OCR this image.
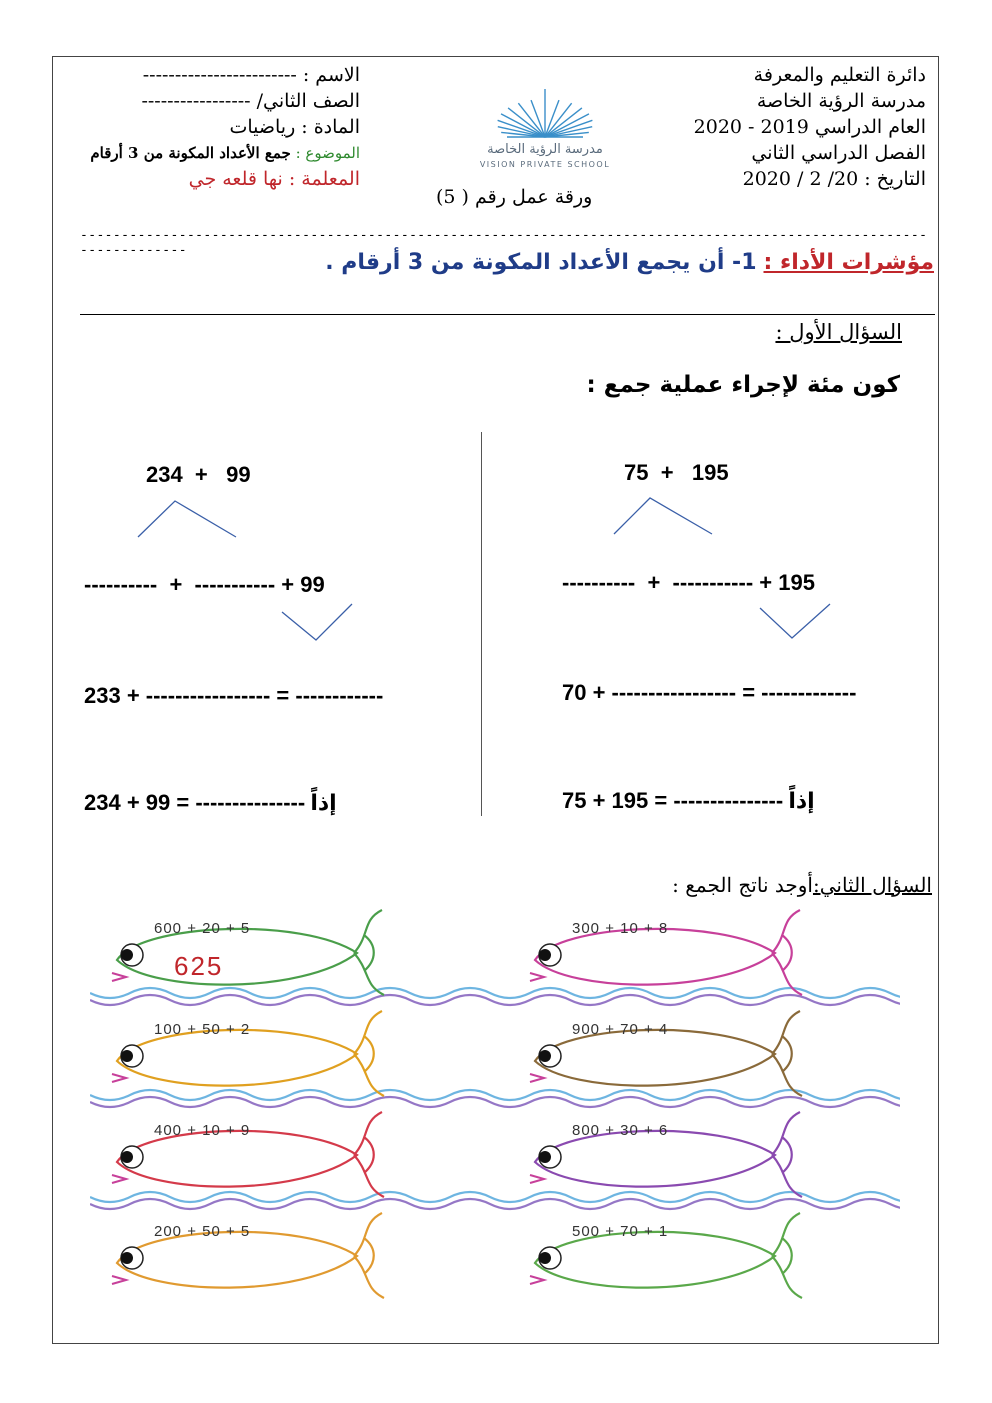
دائرة التعليم والمعرفة
مدرسة الرؤية الخاصة
العام الدراسي 2019 - 2020
الفصل الدراسي الثاني
التاريخ : 20/ 2 / 2020
الاسم : ------------------------
الصف الثاني/ -----------------
المادة : رياضيات
الموضوع : جمع الأعداد المكونة من 3 أرقام
المعلمة : نها قلعه جي
مدرسة الرؤية الخاصة
VISION PRIVATE SCHOOL
ورقة عمل رقم ( 5)
--------------------------------------------------------------------------------------------------------------------	مؤشرات الأداء : 1- أن يجمع الأعداد المكونة من 3 أرقام .
السؤال الأول :
كون مئة لإجراء عملية جمع :
234  +   99
----------  +  ----------- + 99
233 + ----------------- = ------------
234 + 99 = --------------- إذاً
75  +   195
----------  +  ----------- + 195
70 + ----------------- = -------------
75 + 195 = --------------- إذاً
السؤال الثاني:أوجد ناتج الجمع :
600 + 20 + 5
625
300 + 10 + 8
100 + 50 + 2	900 + 70 + 4
400 + 10 + 9	800 + 30 + 6
200 + 50 + 5	500 + 70 + 1
